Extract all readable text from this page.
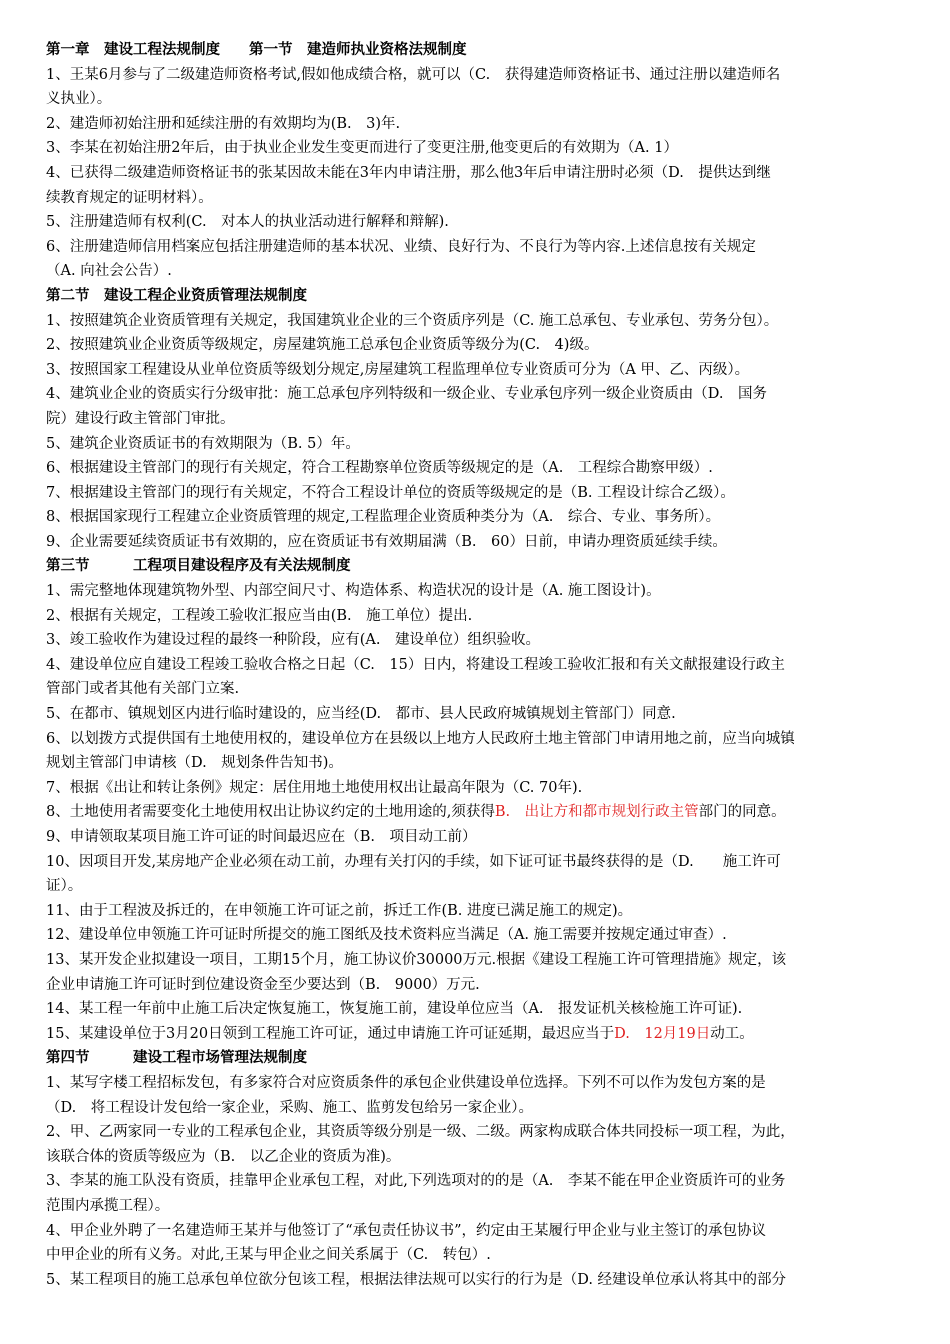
第一章　建设工程法规制度　　第一节　建造师执业资格法规制度
1、王某6月参与了二级建造师资格考试,假如他成绩合格，就可以（C.　获得建造师资格证书、通过注册以建造师名
义执业）。
2、建造师初始注册和延续注册的有效期均为(B.　3)年.
3、李某在初始注册2年后，由于执业企业发生变更而进行了变更注册,他变更后的有效期为（A. 1）
4、已获得二级建造师资格证书的张某因故未能在3年内申请注册，那么他3年后申请注册时必须（D.　提供达到继
续教育规定的证明材料）。
5、注册建造师有权利(C.　对本人的执业活动进行解释和辩解).
6、注册建造师信用档案应包括注册建造师的基本状况、业绩、良好行为、不良行为等内容.上述信息按有关规定
（A. 向社会公告）.
第二节　建设工程企业资质管理法规制度
1、按照建筑企业资质管理有关规定，我国建筑业企业的三个资质序列是（C. 施工总承包、专业承包、劳务分包）。
2、按照建筑业企业资质等级规定，房屋建筑施工总承包企业资质等级分为(C.　4)级。
3、按照国家工程建设从业单位资质等级划分规定,房屋建筑工程监理单位专业资质可分为（A 甲、乙、丙级）。
4、建筑业企业的资质实行分级审批：施工总承包序列特级和一级企业、专业承包序列一级企业资质由（D.　国务
院）建设行政主管部门审批。
5、建筑企业资质证书的有效期限为（B. 5）年。
6、根据建设主管部门的现行有关规定，符合工程勘察单位资质等级规定的是（A.　工程综合勘察甲级）.
7、根据建设主管部门的现行有关规定，不符合工程设计单位的资质等级规定的是（B. 工程设计综合乙级）。
8、根据国家现行工程建立企业资质管理的规定,工程监理企业资质种类分为（A.　综合、专业、事务所）。
9、企业需要延续资质证书有效期的，应在资质证书有效期届满（B.　60）日前，申请办理资质延续手续。
第三节　　　工程项目建设程序及有关法规制度
1、需完整地体现建筑物外型、内部空间尺寸、构造体系、构造状况的设计是（A. 施工图设计)。
2、根据有关规定，工程竣工验收汇报应当由(B.　施工单位）提出.
3、竣工验收作为建设过程的最终一种阶段，应有(A.　建设单位）组织验收。
4、建设单位应自建设工程竣工验收合格之日起（C.　15）日内，将建设工程竣工验收汇报和有关文献报建设行政主
管部门或者其他有关部门立案.
5、在都市、镇规划区内进行临时建设的，应当经(D.　都市、县人民政府城镇规划主管部门）同意.
6、以划拨方式提供国有土地使用权的，建设单位方在县级以上地方人民政府土地主管部门申请用地之前，应当向城镇
规划主管部门申请核（D.　规划条件告知书)。
7、根据《出让和转让条例》规定：居住用地土地使用权出让最高年限为（C. 70年).
8、土地使用者需要变化土地使用权出让协议约定的土地用途的,须获得B.　出让方和都市规划行政主管部门的同意。
9、申请领取某项目施工许可证的时间最迟应在（B.　项目动工前）
10、因项目开发,某房地产企业必须在动工前，办理有关打闪的手续，如下证可证书最终获得的是（D.　　施工许可
证）。
11、由于工程波及拆迁的，在申领施工许可证之前，拆迁工作(B. 进度已满足施工的规定)。
12、建设单位申领施工许可证时所提交的施工图纸及技术资料应当满足（A. 施工需要并按规定通过审查）.
13、某开发企业拟建设一项目，工期15个月，施工协议价30000万元.根据《建设工程施工许可管理措施》规定，该
企业申请施工许可证时到位建设资金至少要达到（B.　9000）万元.
14、某工程一年前中止施工后决定恢复施工，恢复施工前，建设单位应当（A.　报发证机关核检施工许可证).
15、某建设单位于3月20日领到工程施工许可证，通过申请施工许可证延期，最迟应当于D.　12月19日动工。
第四节　　　建设工程市场管理法规制度
1、某写字楼工程招标发包，有多家符合对应资质条件的承包企业供建设单位选择。下列不可以作为发包方案的是
（D.　将工程设计发包给一家企业，采购、施工、监剪发包给另一家企业）。
2、甲、乙两家同一专业的工程承包企业，其资质等级分别是一级、二级。两家构成联合体共同投标一项工程，为此，
该联合体的资质等级应为（B.　以乙企业的资质为准)。
3、李某的施工队没有资质，挂靠甲企业承包工程，对此,下列选项对的的是（A.　李某不能在甲企业资质许可的业务
范围内承揽工程）。
4、甲企业外聘了一名建造师王某并与他签订了“承包责任协议书”，约定由王某履行甲企业与业主签订的承包协议
中甲企业的所有义务。对此,王某与甲企业之间关系属于（C.　转包）.
5、某工程项目的施工总承包单位欲分包该工程，根据法律法规可以实行的行为是（D. 经建设单位承认将其中的部分
